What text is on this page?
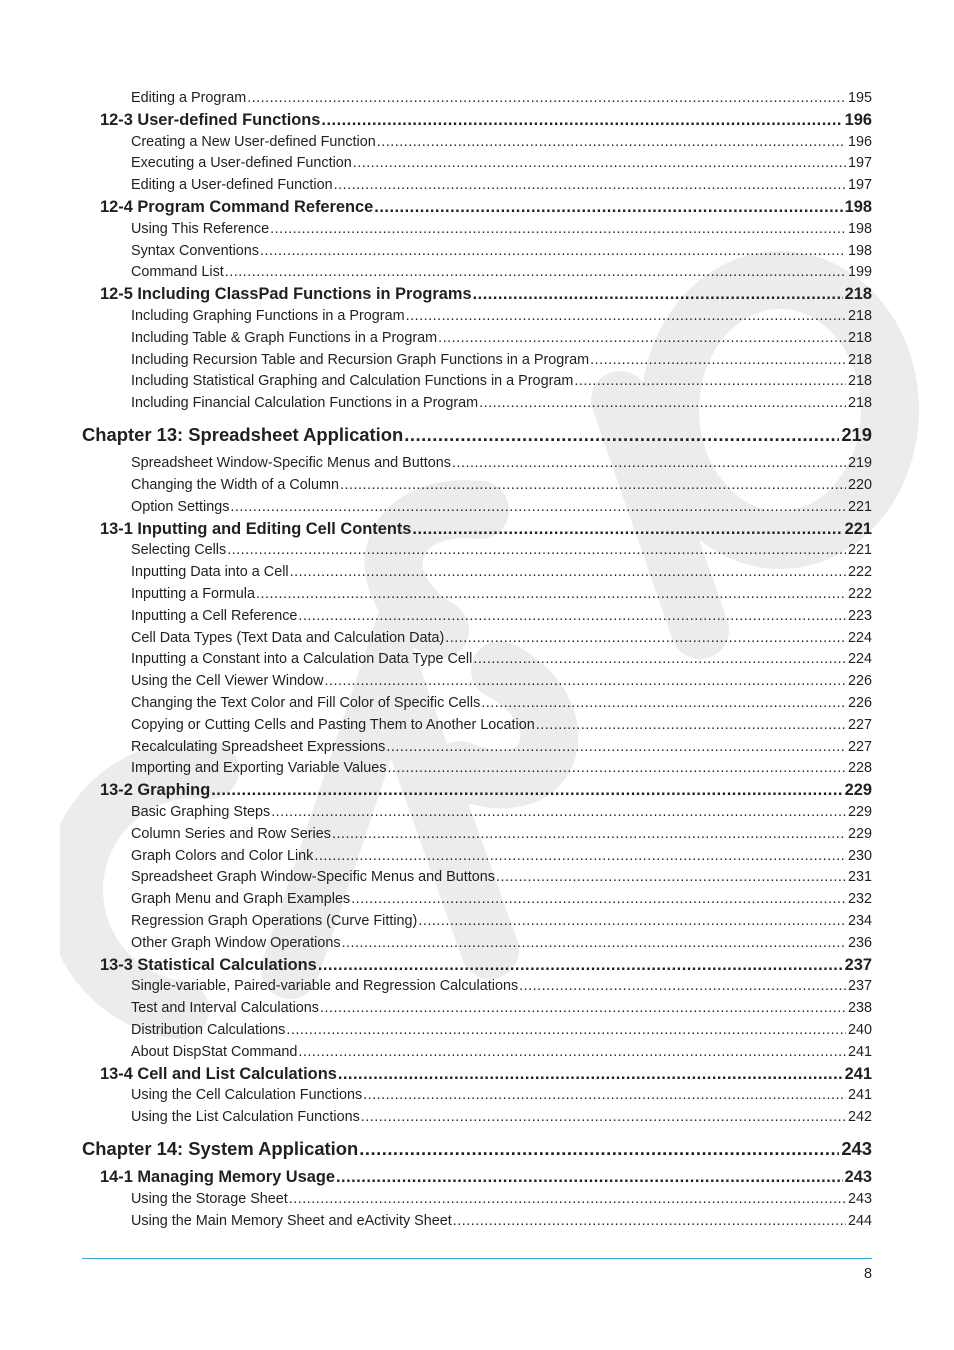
Editing a Program .....	195
12-3 User-defined Functions .....	196
Creating a New User-defined Function .....	196
Executing a User-defined Function .....	197
Editing a User-defined Function .....	197
12-4 Program Command Reference .....	198
Using This Reference .....	198
Syntax Conventions .....	198
Command List .....	199
12-5 Including ClassPad Functions in Programs .....	218
Including Graphing Functions in a Program .....	218
Including Table & Graph Functions in a Program .....	218
Including Recursion Table and Recursion Graph Functions in a Program .....	218
Including Statistical Graphing and Calculation Functions in a Program .....	218
Including Financial Calculation Functions in a Program .....	218
Chapter 13: Spreadsheet Application .....	219
Spreadsheet Window-Specific Menus and Buttons .....	219
Changing the Width of a Column .....	220
Option Settings .....	221
13-1 Inputting and Editing Cell Contents .....	221
Selecting Cells .....	221
Inputting Data into a Cell .....	222
Inputting a Formula .....	222
Inputting a Cell Reference .....	223
Cell Data Types (Text Data and Calculation Data) .....	224
Inputting a Constant into a Calculation Data Type Cell .....	224
Using the Cell Viewer Window .....	226
Changing the Text Color and Fill Color of Specific Cells .....	226
Copying or Cutting Cells and Pasting Them to Another Location .....	227
Recalculating Spreadsheet Expressions .....	227
Importing and Exporting Variable Values .....	228
13-2 Graphing .....	229
Basic Graphing Steps .....	229
Column Series and Row Series .....	229
Graph Colors and Color Link .....	230
Spreadsheet Graph Window-Specific Menus and Buttons .....	231
Graph Menu and Graph Examples .....	232
Regression Graph Operations (Curve Fitting) .....	234
Other Graph Window Operations .....	236
13-3 Statistical Calculations .....	237
Single-variable, Paired-variable and Regression Calculations .....	237
Test and Interval Calculations .....	238
Distribution Calculations .....	240
About DispStat Command .....	241
13-4 Cell and List Calculations .....	241
Using the Cell Calculation Functions .....	241
Using the List Calculation Functions .....	242
Chapter 14: System Application .....	243
14-1 Managing Memory Usage .....	243
Using the Storage Sheet .....	243
Using the Main Memory Sheet and eActivity Sheet .....	244
8
